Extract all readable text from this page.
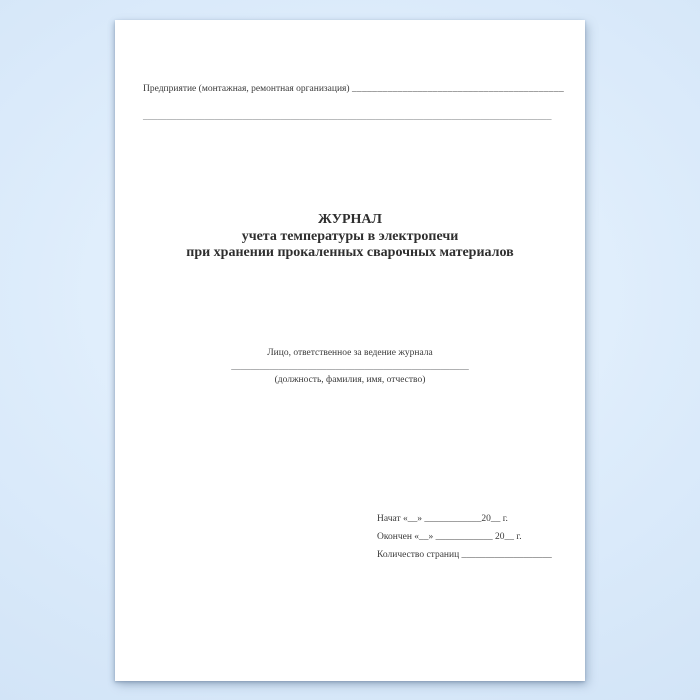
Предприятие (монтажная, ремонтная организация) __________________________________________
______________________________________________________________________________________
ЖУРНАЛ
учета температуры в электропечи
при хранении прокаленных сварочных материалов
Лицо, ответственное за ведение журнала
__________________________________________________
(должность, фамилия, имя, отчество)
Начат «__» ____________20__ г.
Окончен «__» ____________ 20__ г.
Количество страниц ___________________
